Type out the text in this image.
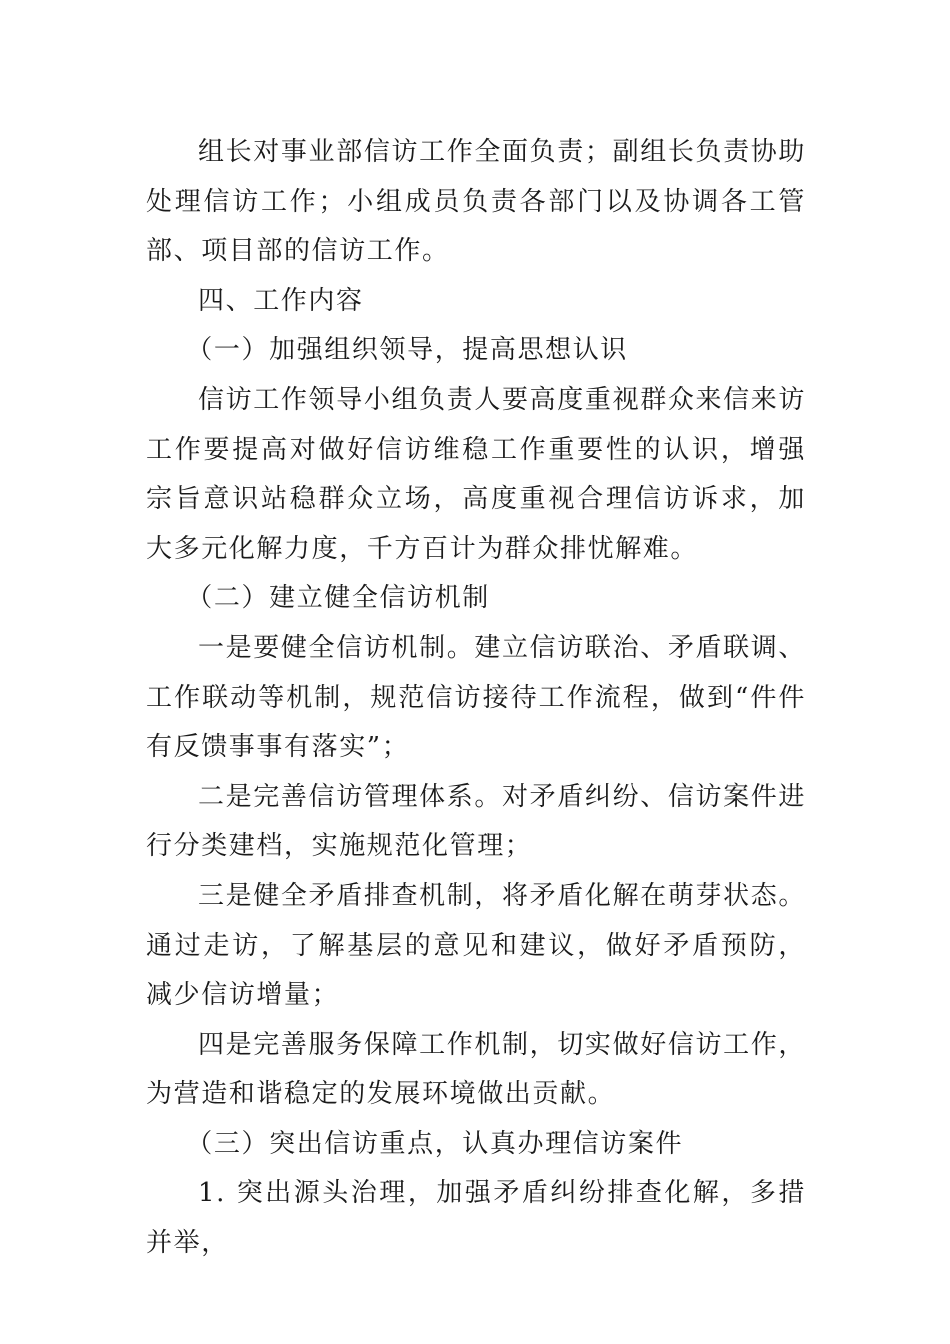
组长对事业部信访工作全面负责；副组长负责协助处理信访工作；小组成员负责各部门以及协调各工管部、项目部的信访工作。

四、工作内容

（一）加强组织领导，提高思想认识

信访工作领导小组负责人要高度重视群众来信来访工作要提高对做好信访维稳工作重要性的认识，增强宗旨意识站稳群众立场，高度重视合理信访诉求，加大多元化解力度，千方百计为群众排忧解难。

（二）建立健全信访机制

一是要健全信访机制。建立信访联治、矛盾联调、工作联动等机制，规范信访接待工作流程，做到“件件有反馈事事有落实”；

二是完善信访管理体系。对矛盾纠纷、信访案件进行分类建档，实施规范化管理；

三是健全矛盾排查机制，将矛盾化解在萌芽状态。通过走访，了解基层的意见和建议，做好矛盾预防，减少信访增量；

四是完善服务保障工作机制，切实做好信访工作，为营造和谐稳定的发展环境做出贡献。

（三）突出信访重点，认真办理信访案件

1. 突出源头治理，加强矛盾纠纷排查化解，多措并举，
